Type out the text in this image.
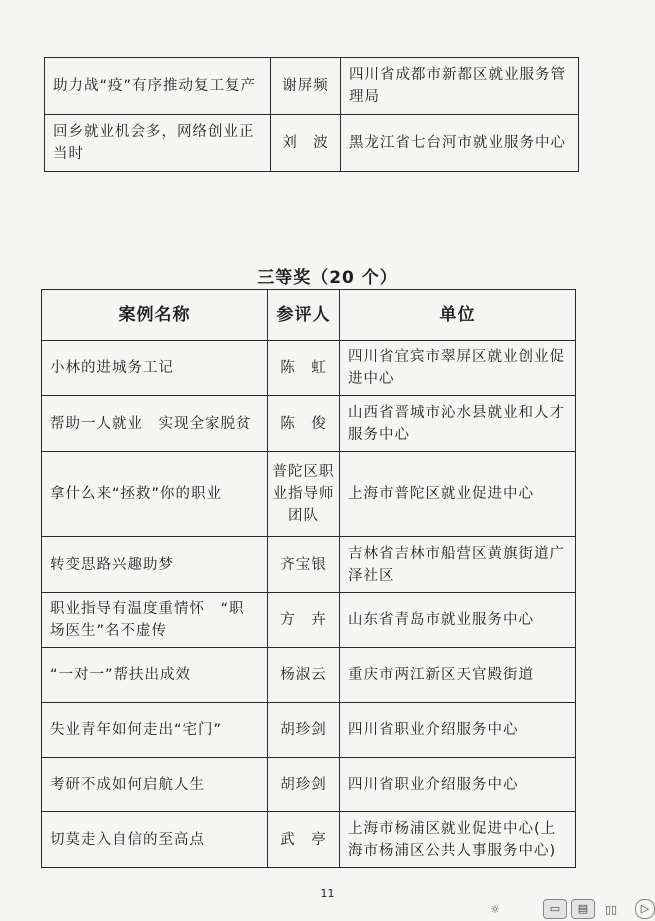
助力战“疫”有序推动复工复产	谢屏频	四川省成都市新都区就业服务管理局
回乡就业机会多，网络创业正当时	刘　波	黑龙江省七台河市就业服务中心
三等奖（20 个）
案例名称	参评人	单位
小林的进城务工记	陈　虹	四川省宜宾市翠屏区就业创业促进中心
帮助一人就业　实现全家脱贫	陈　俊	山西省晋城市沁水县就业和人才服务中心
拿什么来“拯救”你的职业	普陀区职业指导师团队	上海市普陀区就业促进中心
转变思路兴趣助梦	齐宝银	吉林省吉林市船营区黄旗街道广泽社区
职业指导有温度重情怀　“职场医生”名不虚传	方　卉	山东省青岛市就业服务中心
“一对一”帮扶出成效	杨淑云	重庆市两江新区天官殿街道
失业青年如何走出“宅门”	胡珍剑	四川省职业介绍服务中心
考研不成如何启航人生	胡珍剑	四川省职业介绍服务中心
切莫走入自信的至高点	武　亭	上海市杨浦区就业促进中心(上海市杨浦区公共人事服务中心)
11
☼	▭	▤	▯▯	▷
